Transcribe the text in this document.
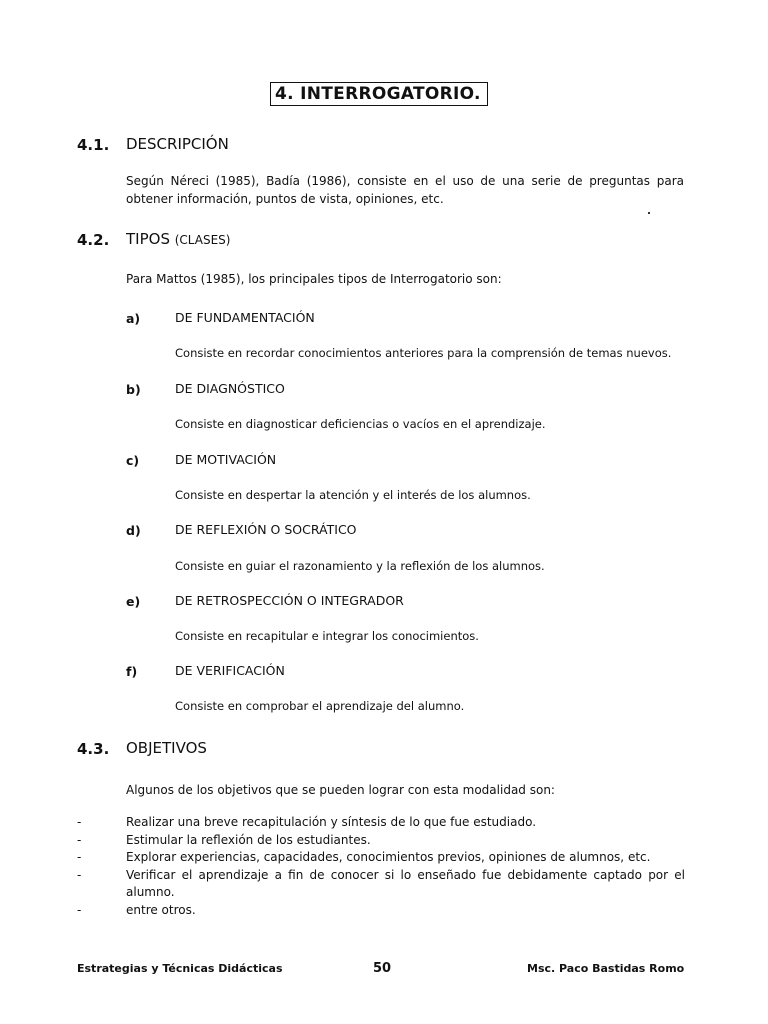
4. INTERROGATORIO.
4.1. DESCRIPCIÓN
Según Néreci (1985), Badía (1986), consiste en el uso de una serie de preguntas para obtener información, puntos de vista, opiniones, etc.
4.2. TIPOS (CLASES)
Para Mattos (1985), los principales tipos de Interrogatorio son:
a)	DE FUNDAMENTACIÓN
Consiste en recordar conocimientos anteriores para la comprensión de temas nuevos.
b)	DE DIAGNÓSTICO
Consiste en diagnosticar deficiencias o vacíos en el aprendizaje.
c)	DE MOTIVACIÓN
Consiste en despertar la atención y el interés de los alumnos.
d)	DE REFLEXIÓN O SOCRÁTICO
Consiste en guiar el razonamiento y la reflexión de los alumnos.
e)	DE RETROSPECCIÓN O INTEGRADOR
Consiste en recapitular e integrar los conocimientos.
f)	DE VERIFICACIÓN
Consiste en comprobar el aprendizaje del alumno.
4.3. OBJETIVOS
Algunos de los objetivos que se pueden lograr con esta modalidad son:
-	Realizar una breve recapitulación y síntesis de lo que fue estudiado.
-	Estimular la reflexión de los estudiantes.
-	Explorar experiencias, capacidades, conocimientos previos, opiniones de alumnos, etc.
-	Verificar el aprendizaje a fin de conocer si lo enseñado fue debidamente captado por el alumno.
-	entre otros.
Estrategias y Técnicas Didácticas	50	Msc. Paco Bastidas Romo
